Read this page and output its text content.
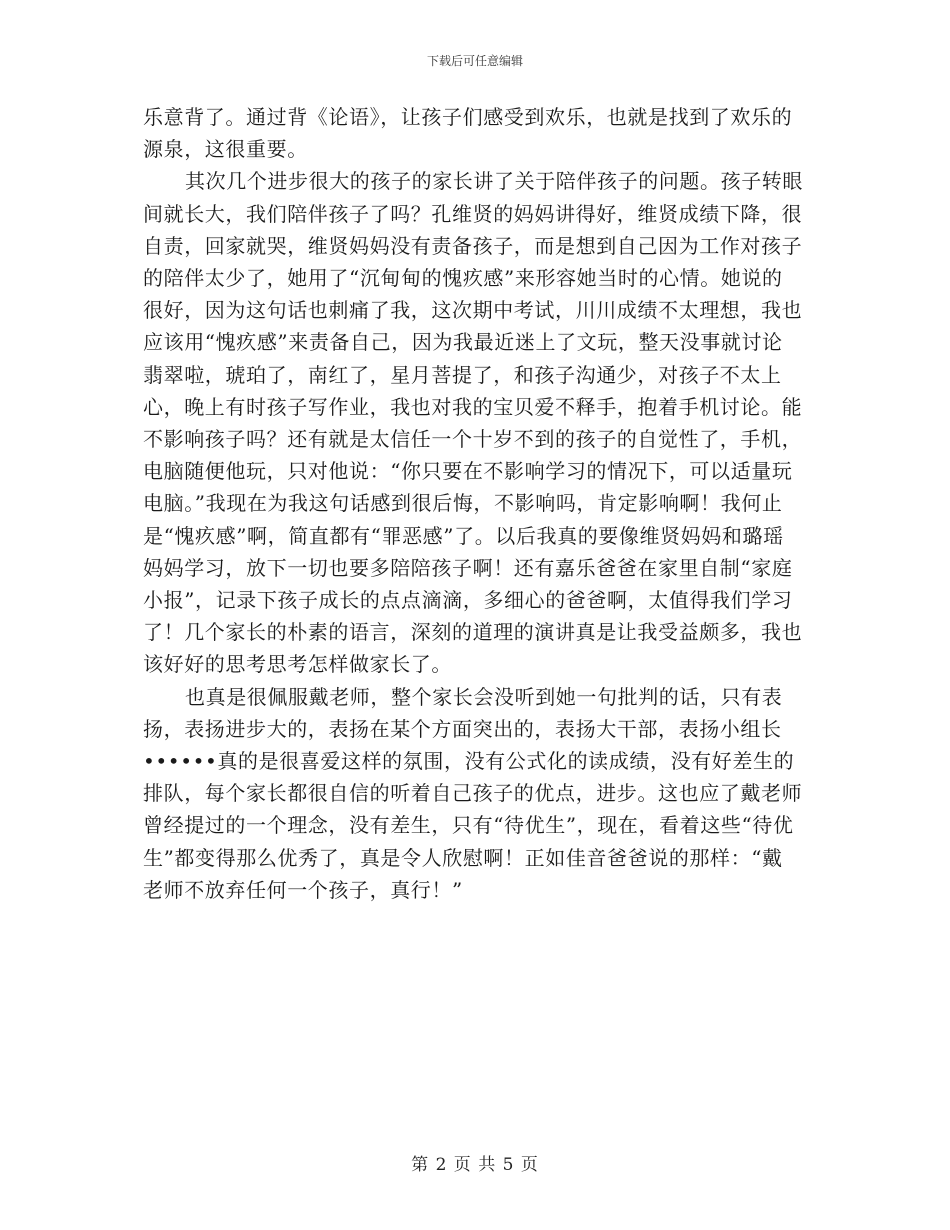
下载后可任意编辑

乐意背了。通过背《论语》，让孩子们感受到欢乐，也就是找到了欢乐的源泉，这很重要。

其次几个进步很大的孩子的家长讲了关于陪伴孩子的问题。孩子转眼间就长大，我们陪伴孩子了吗？孔维贤的妈妈讲得好，维贤成绩下降，很自责，回家就哭，维贤妈妈没有责备孩子，而是想到自己因为工作对孩子的陪伴太少了，她用了“沉甸甸的愧疚感”来形容她当时的心情。她说的很好，因为这句话也刺痛了我，这次期中考试，川川成绩不太理想，我也应该用“愧疚感”来责备自己，因为我最近迷上了文玩，整天没事就讨论翡翠啦，琥珀了，南红了，星月菩提了，和孩子沟通少，对孩子不太上心，晚上有时孩子写作业，我也对我的宝贝爱不释手，抱着手机讨论。能不影响孩子吗？还有就是太信任一个十岁不到的孩子的自觉性了，手机，电脑随便他玩，只对他说：“你只要在不影响学习的情况下，可以适量玩电脑。”我现在为我这句话感到很后悔，不影响吗，肯定影响啊！我何止是“愧疚感”啊，简直都有“罪恶感”了。以后我真的要像维贤妈妈和璐瑶妈妈学习，放下一切也要多陪陪孩子啊！还有嘉乐爸爸在家里自制“家庭小报”，记录下孩子成长的点点滴滴，多细心的爸爸啊，太值得我们学习了！几个家长的朴素的语言，深刻的道理的演讲真是让我受益颇多，我也该好好的思考思考怎样做家长了。

也真是很佩服戴老师，整个家长会没听到她一句批判的话，只有表扬，表扬进步大的，表扬在某个方面突出的，表扬大干部，表扬小组长••••••真的是很喜爱这样的氛围，没有公式化的读成绩，没有好差生的排队，每个家长都很自信的听着自己孩子的优点，进步。这也应了戴老师曾经提过的一个理念，没有差生，只有“待优生”，现在，看着这些“待优生”都变得那么优秀了，真是令人欣慰啊！正如佳音爸爸说的那样：“戴老师不放弃任何一个孩子，真行！”

第 2 页 共 5 页
